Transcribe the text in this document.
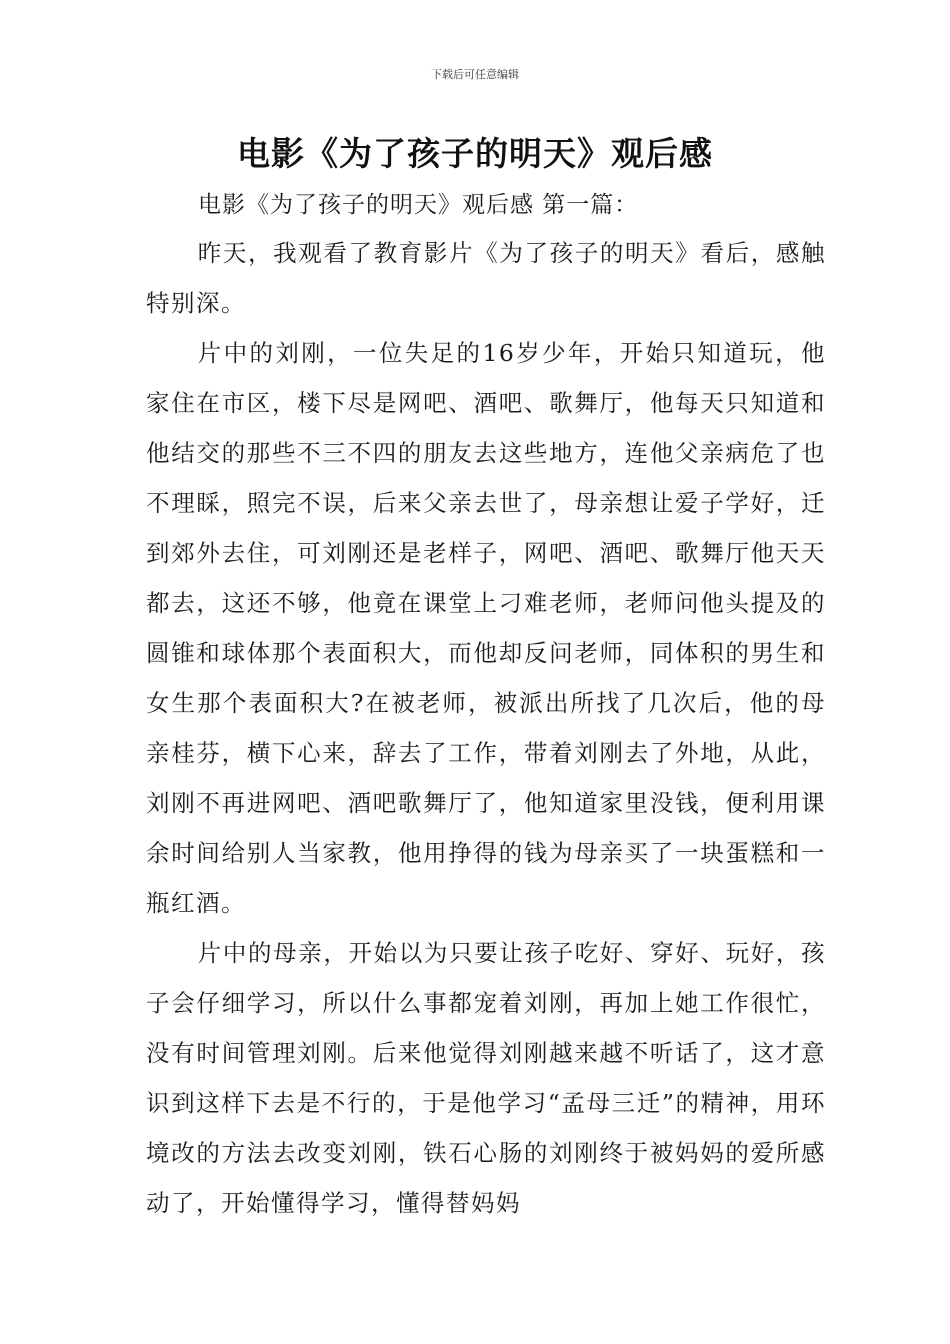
下载后可任意编辑
电影《为了孩子的明天》观后感
电影《为了孩子的明天》观后感 第一篇：

昨天，我观看了教育影片《为了孩子的明天》看后，感触特别深。

片中的刘刚，一位失足的16岁少年，开始只知道玩，他家住在市区，楼下尽是网吧、酒吧、歌舞厅，他每天只知道和他结交的那些不三不四的朋友去这些地方，连他父亲病危了也不理睬，照完不误，后来父亲去世了，母亲想让爱子学好，迁到郊外去住，可刘刚还是老样子，网吧、酒吧、歌舞厅他天天都去，这还不够，他竟在课堂上刁难老师，老师问他头提及的圆锥和球体那个表面积大，而他却反问老师，同体积的男生和女生那个表面积大?在被老师，被派出所找了几次后，他的母亲桂芬，横下心来，辞去了工作，带着刘刚去了外地，从此，刘刚不再进网吧、酒吧歌舞厅了，他知道家里没钱，便利用课余时间给别人当家教，他用挣得的钱为母亲买了一块蛋糕和一瓶红酒。

片中的母亲，开始以为只要让孩子吃好、穿好、玩好，孩子会仔细学习，所以什么事都宠着刘刚，再加上她工作很忙，没有时间管理刘刚。后来他觉得刘刚越来越不听话了，这才意识到这样下去是不行的，于是他学习“孟母三迁”的精神，用环境改的方法去改变刘刚，铁石心肠的刘刚终于被妈妈的爱所感动了，开始懂得学习，懂得替妈妈
